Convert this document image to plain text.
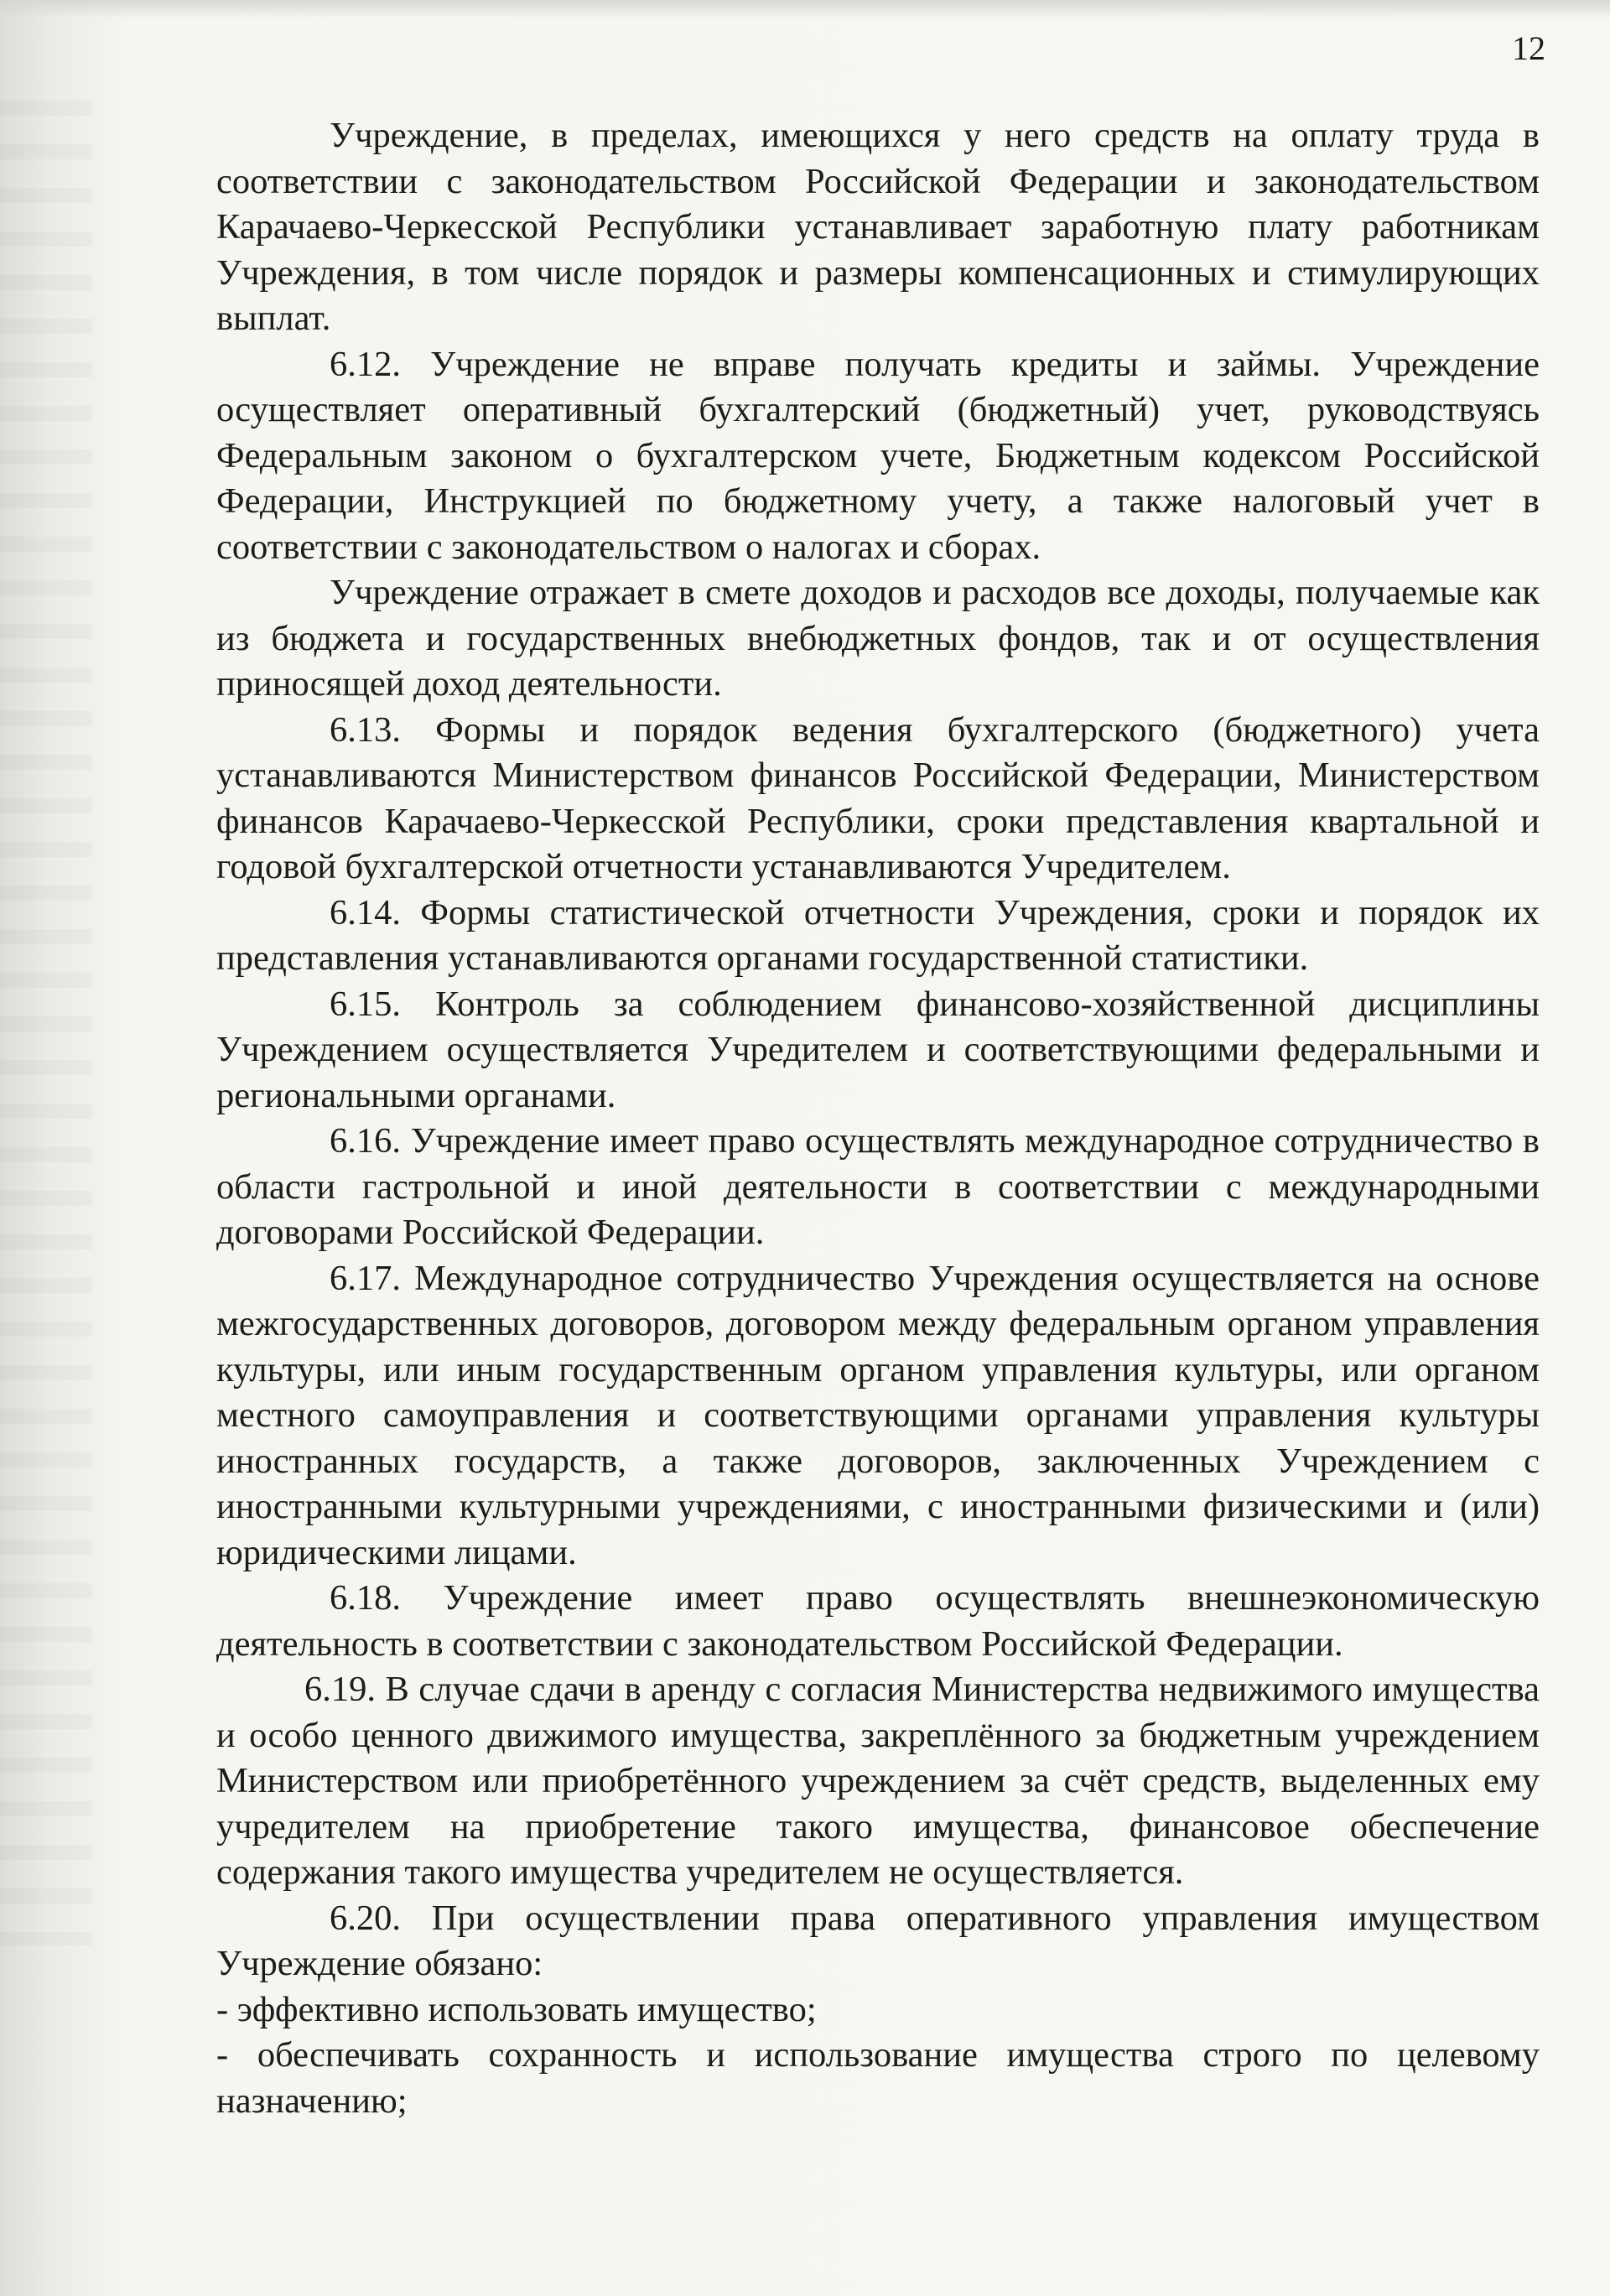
12

Учреждение, в пределах, имеющихся у него средств на оплату труда в соответствии с законодательством Российской Федерации и законодательством Карачаево-Черкесской Республики устанавливает заработную плату работникам Учреждения, в том числе порядок и размеры компенсационных и стимулирующих выплат.

6.12. Учреждение не вправе получать кредиты и займы. Учреждение осуществляет оперативный бухгалтерский (бюджетный) учет, руководствуясь Федеральным законом о бухгалтерском учете, Бюджетным кодексом Российской Федерации, Инструкцией по бюджетному учету, а также налоговый учет в соответствии с законодательством о налогах и сборах.

Учреждение отражает в смете доходов и расходов все доходы, получаемые как из бюджета и государственных внебюджетных фондов, так и от осуществления приносящей доход деятельности.

6.13. Формы и порядок ведения бухгалтерского (бюджетного) учета устанавливаются Министерством финансов Российской Федерации, Министерством финансов Карачаево-Черкесской Республики, сроки представления квартальной и годовой бухгалтерской отчетности устанавливаются Учредителем.

6.14. Формы статистической отчетности Учреждения, сроки и порядок их представления устанавливаются органами государственной статистики.

6.15. Контроль за соблюдением финансово-хозяйственной дисциплины Учреждением осуществляется Учредителем и соответствующими федеральными и региональными органами.

6.16. Учреждение имеет право осуществлять международное сотрудничество в области гастрольной и иной деятельности в соответствии с международными договорами Российской Федерации.

6.17. Международное сотрудничество Учреждения осуществляется на основе межгосударственных договоров, договором между федеральным органом управления культуры, или иным государственным органом управления культуры, или органом местного самоуправления и соответствующими органами управления культуры иностранных государств, а также договоров, заключенных Учреждением с иностранными культурными учреждениями, с иностранными физическими и (или) юридическими лицами.

6.18. Учреждение имеет право осуществлять внешнеэкономическую деятельность в соответствии с законодательством Российской Федерации.

6.19. В случае сдачи в аренду с согласия Министерства недвижимого имущества и особо ценного движимого имущества, закреплённого за бюджетным учреждением Министерством или приобретённого учреждением за счёт средств, выделенных ему учредителем на приобретение такого имущества, финансовое обеспечение содержания такого имущества учредителем не осуществляется.

6.20. При осуществлении права оперативного управления имуществом Учреждение обязано:

- эффективно использовать имущество;

- обеспечивать сохранность и использование имущества строго по целевому назначению;
